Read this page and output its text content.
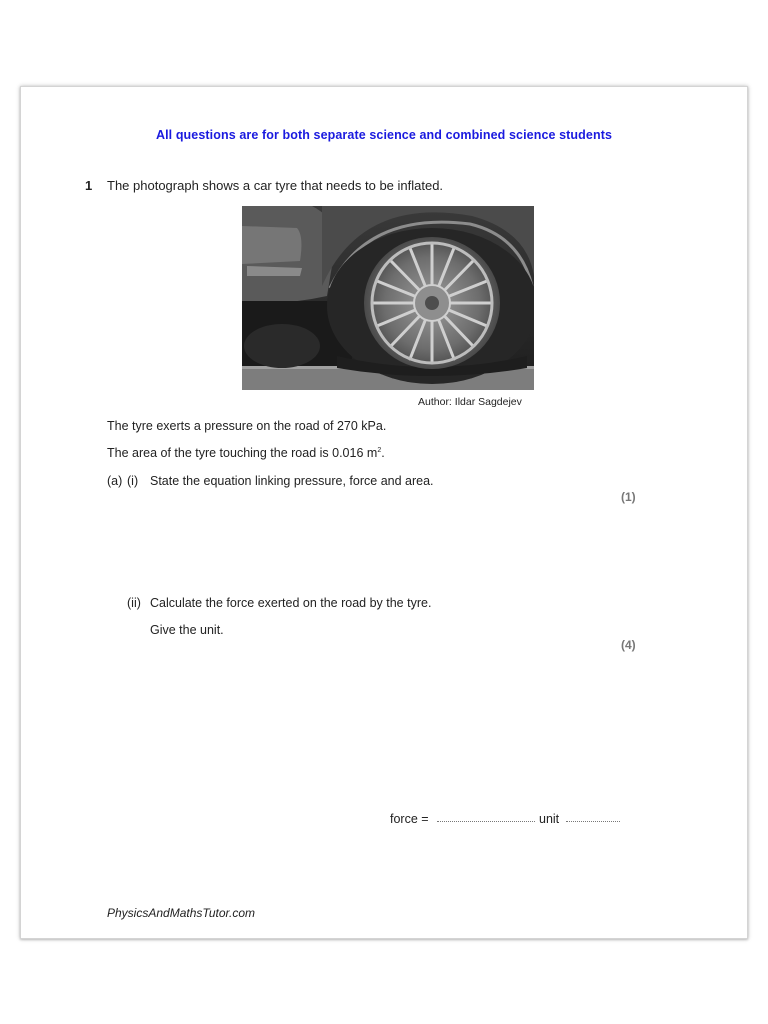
All questions are for both separate science and combined science students
1 The photograph shows a car tyre that needs to be inflated.
Author: Ildar Sagdejev
The tyre exerts a pressure on the road of 270 kPa.
The area of the tyre touching the road is 0.016 $m^2$.
(a) (i) State the equation linking pressure, force and area.
(1)
(ii) Calculate the force exerted on the road by the tyre.
Give the unit.
(4)
force =	unit
PhysicsAndMathsTutor.com
